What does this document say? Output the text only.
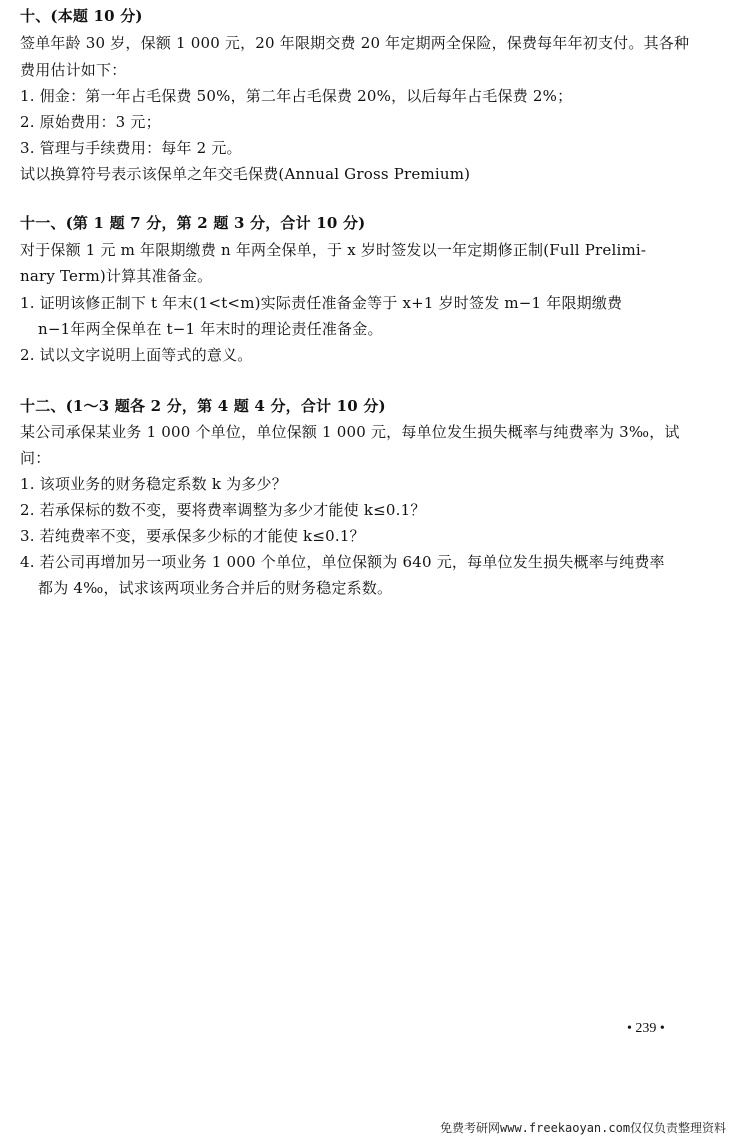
十、(本题 10 分)
签单年龄 30 岁，保额 1 000 元，20 年限期交费 20 年定期两全保险，保费每年年初支付。其各种
费用估计如下：
1. 佣金：第一年占毛保费 50%，第二年占毛保费 20%，以后每年占毛保费 2%；
2. 原始费用：3 元；
3. 管理与手续费用：每年 2 元。
试以换算符号表示该保单之年交毛保费(Annual Gross Premium)
十一、(第 1 题 7 分，第 2 题 3 分，合计 10 分)
对于保额 1 元 m 年限期缴费 n 年两全保单，于 x 岁时签发以一年定期修正制(Full Prelimi-
nary Term)计算其准备金。
1. 证明该修正制下 t 年末(1<t<m)实际责任准备金等于 x+1 岁时签发 m−1 年限期缴费
n−1年两全保单在 t−1 年末时的理论责任准备金。
2. 试以文字说明上面等式的意义。
十二、(1～3 题各 2 分，第 4 题 4 分，合计 10 分)
某公司承保某业务 1 000 个单位，单位保额 1 000 元，每单位发生损失概率与纯费率为 3‰，试
问：
1. 该项业务的财务稳定系数 k 为多少？
2. 若承保标的数不变，要将费率调整为多少才能使 k≤0.1？
3. 若纯费率不变，要承保多少标的才能使 k≤0.1？
4. 若公司再增加另一项业务 1 000 个单位，单位保额为 640 元，每单位发生损失概率与纯费率
都为 4‰，试求该两项业务合并后的财务稳定系数。
• 239 •
免费考研网www.freekaoyan.com仅仅负责整理资料
